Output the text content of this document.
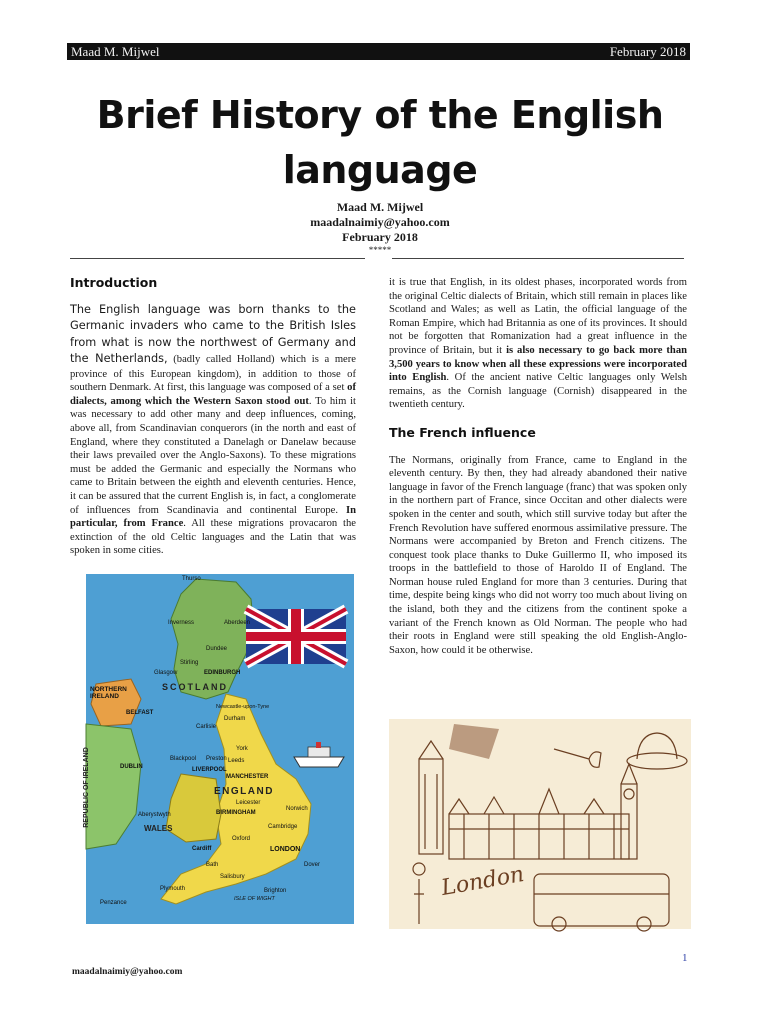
Maad M. Mijwel	February 2018
Brief History of the English
language
Maad M. Mijwel
maadalnaimiy@yahoo.com
February 2018
*****
Introduction

The English language was born thanks to the Germanic invaders who came to the British Isles from what is now the northwest of Germany and the Netherlands, (badly called Holland) which is a mere province of this European kingdom), in addition to those of southern Denmark. At first, this language was composed of a set of dialects, among which the Western Saxon stood out. To him it was necessary to add other many and deep influences, coming, above all, from Scandinavian conquerors (in the north and east of England, where they constituted a Danelagh or Danelaw because their laws prevailed over the Anglo-Saxons). To these migrations must be added the Germanic and especially the Normans who came to Britain between the eighth and eleventh centuries. Hence, it can be assured that the current English is, in fact, a conglomerate of influences from Scandinavia and continental Europe. In particular, from France. All these migrations provacaron the extinction of the old Celtic languages and the Latin that was spoken in some cities.

Thurso
Inverness	Aberdeen
Dundee
Stirling
EDINBURGH
SCOTLAND
Glasgow
NORTHERN IRELAND
BELFAST
REPUBLIC OF IRELAND	DUBLIN
Newcastle-upon-Tyne
Durham
Carlisle
York
Blackpool Preston Leeds
LIVERPOOL
MANCHESTER
ENGLAND
Leicester
BIRMINGHAM
Norwich
Cambridge
Aberystwyth
WALES
Oxford
LONDON
Cardiff
Bath	Dover
Salisbury
Plymouth
Penzance
Brighton
ISLE OF WIGHT

it is true that English, in its oldest phases, incorporated words from the original Celtic dialects of Britain, which still remain in places like Scotland and Wales; as well as Latin, the official language of the Roman Empire, which had Britannia as one of its provinces. It should not be forgotten that Romanization had a great influence in the province of Britain, but it is also necessary to go back more than 3,500 years to know when all these expressions were incorporated into English. Of the ancient native Celtic languages only Welsh remains, as the Cornish language (Cornish) disappeared in the twentieth century.

The French influence

The Normans, originally from France, came to England in the eleventh century. By then, they had already abandoned their native language in favor of the French language (franc) that was spoken only in the northern part of France, since Occitan and other dialects were spoken in the center and south, which still survive today but after the French Revolution have suffered enormous assimilative pressure. The Normans were accompanied by Breton and French citizens. The conquest took place thanks to Duke Guillermo II, who imposed its troops in the battlefield to those of Haroldo II of England. The Norman house ruled England for more than 3 centuries. During that time, despite being kings who did not worry too much about living on the island, both they and the citizens from the continent spoke a variant of the French known as Old Norman. The people who had their roots in England were still speaking the old English-Anglo-Saxon, how could it be otherwise.

London
1
maadalnaimiy@yahoo.com
